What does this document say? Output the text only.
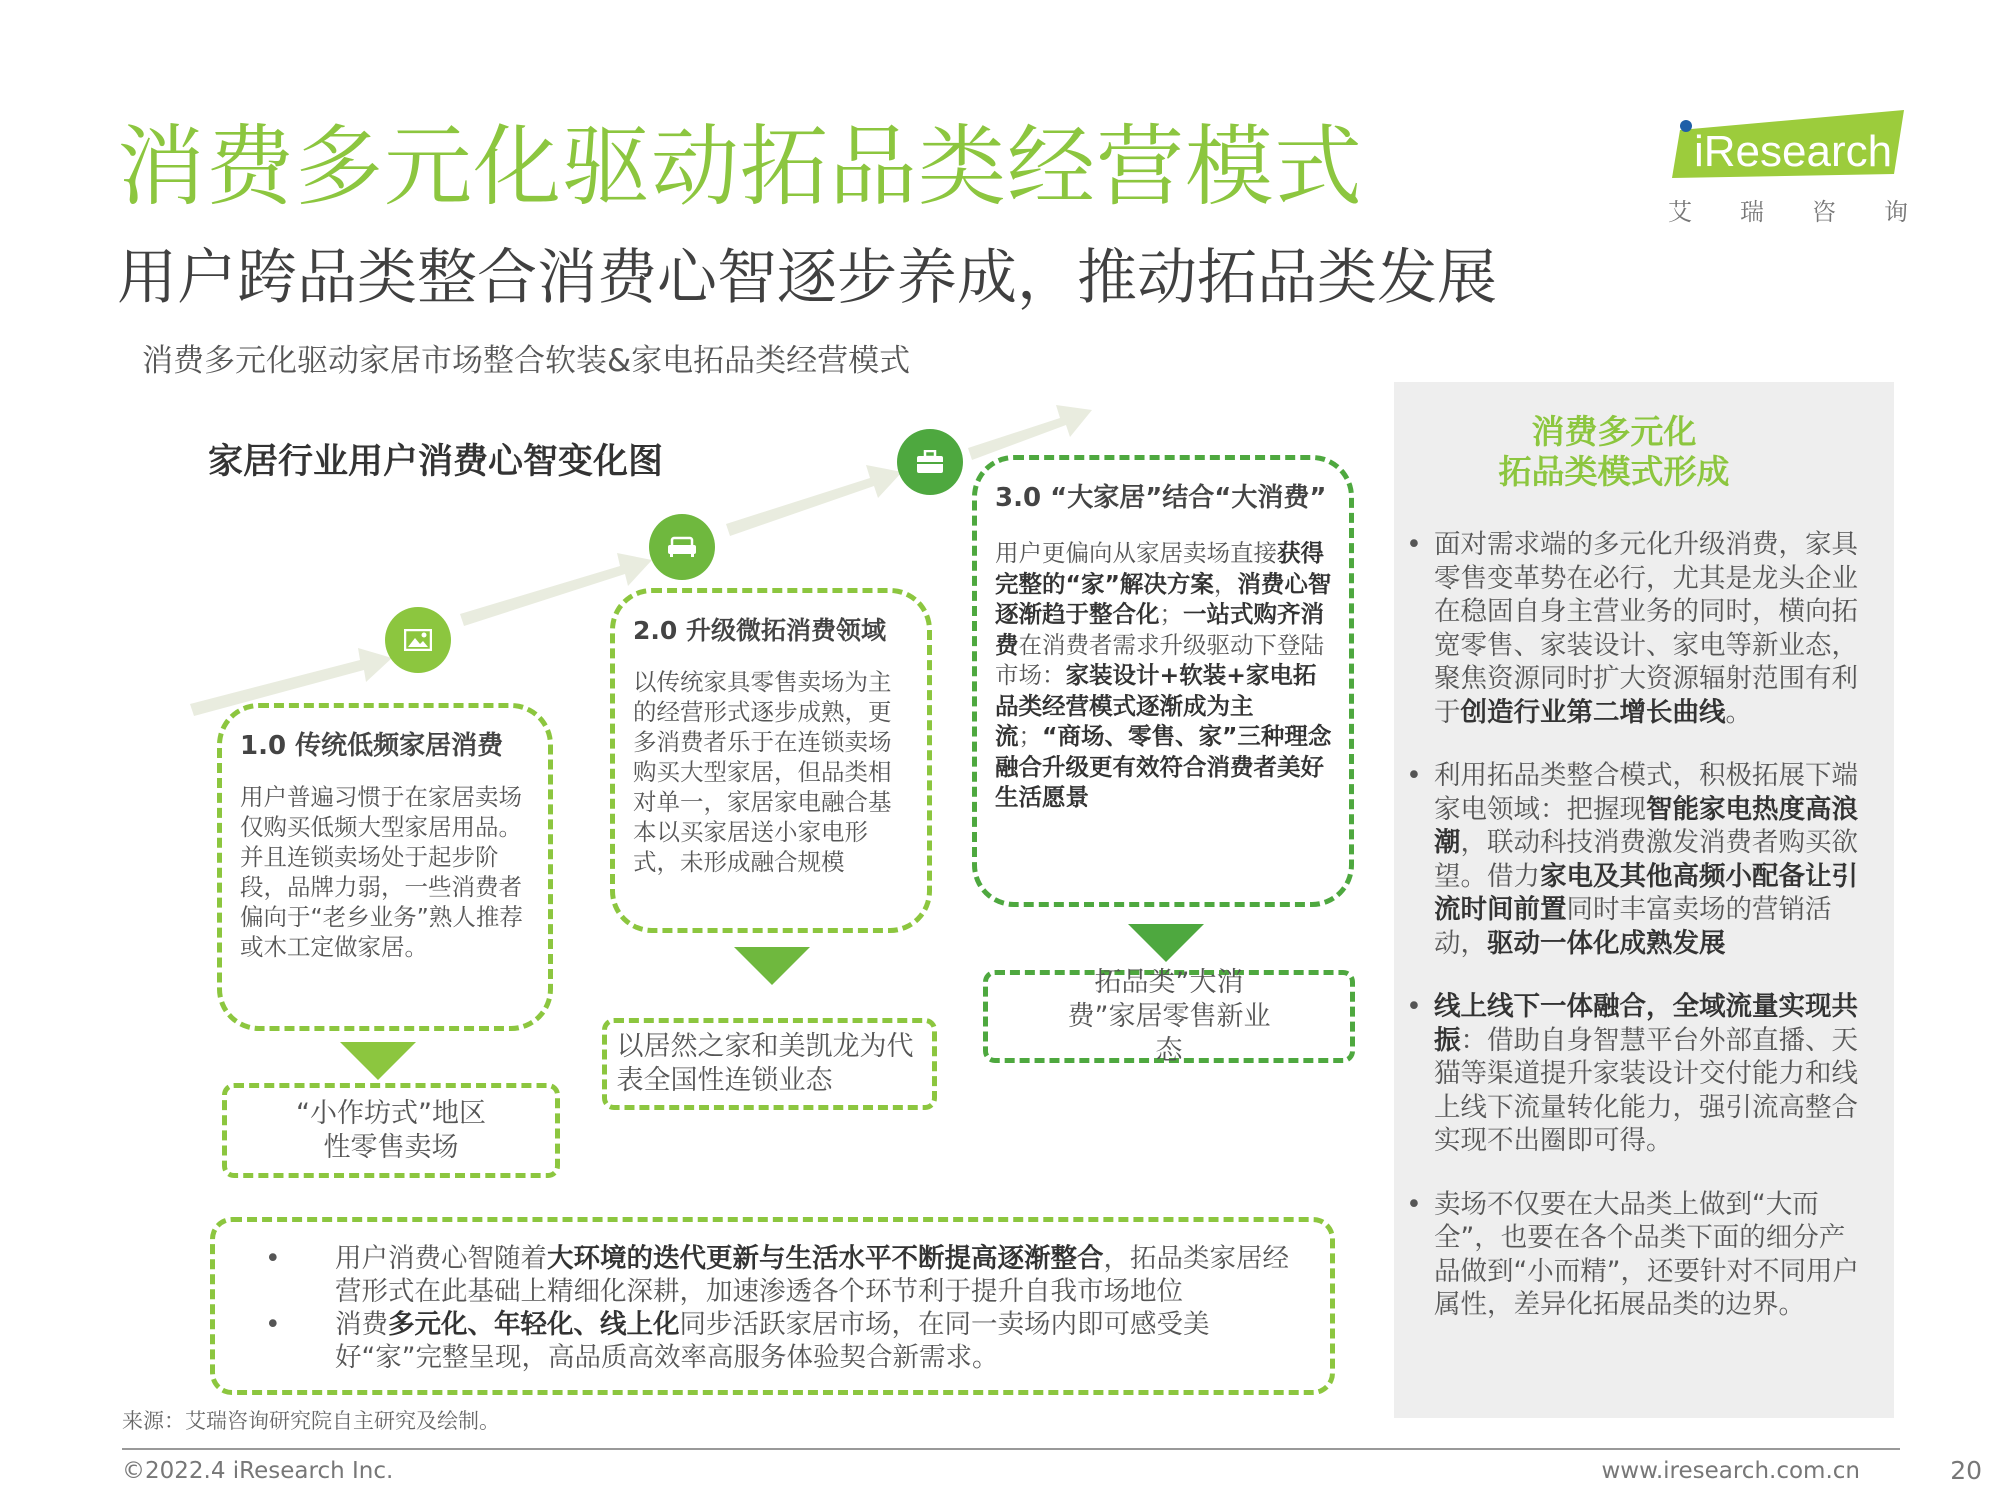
消费多元化驱动拓品类经营模式
用户跨品类整合消费心智逐步养成，推动拓品类发展
消费多元化驱动家居市场整合软装&家电拓品类经营模式
iResearch
艾 瑞 咨 询
家居行业用户消费心智变化图
1.0 传统低频家居消费
用户普遍习惯于在家居卖场仅购买低频大型家居用品。并且连锁卖场处于起步阶段，品牌力弱，一些消费者偏向于“老乡业务”熟人推荐或木工定做家居。
“小作坊式”地区性零售卖场
2.0 升级微拓消费领域
以传统家具零售卖场为主的经营形式逐步成熟，更多消费者乐于在连锁卖场购买大型家居，但品类相对单一，家居家电融合基本以买家居送小家电形式，未形成融合规模
以居然之家和美凯龙为代表全国性连锁业态
3.0 “大家居”结合“大消费”
用户更偏向从家居卖场直接获得完整的“家”解决方案，消费心智逐渐趋于整合化；一站式购齐消费在消费者需求升级驱动下登陆市场：家装设计+软装+家电拓品类经营模式逐渐成为主流；“商场、零售、家”三种理念融合升级更有效符合消费者美好生活愿景
拓品类”大消费”家居零售新业态
•	用户消费心智随着大环境的迭代更新与生活水平不断提高逐渐整合，拓品类家居经营形式在此基础上精细化深耕，加速渗透各个环节利于提升自我市场地位
•	消费多元化、年轻化、线上化同步活跃家居市场，在同一卖场内即可感受美好“家”完整呈现，高品质高效率高服务体验契合新需求。
消费多元化
拓品类模式形成
• 面对需求端的多元化升级消费，家具零售变革势在必行，尤其是龙头企业在稳固自身主营业务的同时，横向拓宽零售、家装设计、家电等新业态，聚焦资源同时扩大资源辐射范围有利于创造行业第二增长曲线。
• 利用拓品类整合模式，积极拓展下端家电领域：把握现智能家电热度高浪潮，联动科技消费激发消费者购买欲望。借力家电及其他高频小配备让引流时间前置同时丰富卖场的营销活动，驱动一体化成熟发展
• 线上线下一体融合，全域流量实现共振：借助自身智慧平台外部直播、天猫等渠道提升家装设计交付能力和线上线下流量转化能力，强引流高整合实现不出圈即可得。
• 卖场不仅要在大品类上做到“大而全”，也要在各个品类下面的细分产品做到“小而精”，还要针对不同用户属性，差异化拓展品类的边界。
来源：艾瑞咨询研究院自主研究及绘制。
©2022.4 iResearch Inc.	www.iresearch.com.cn	20
